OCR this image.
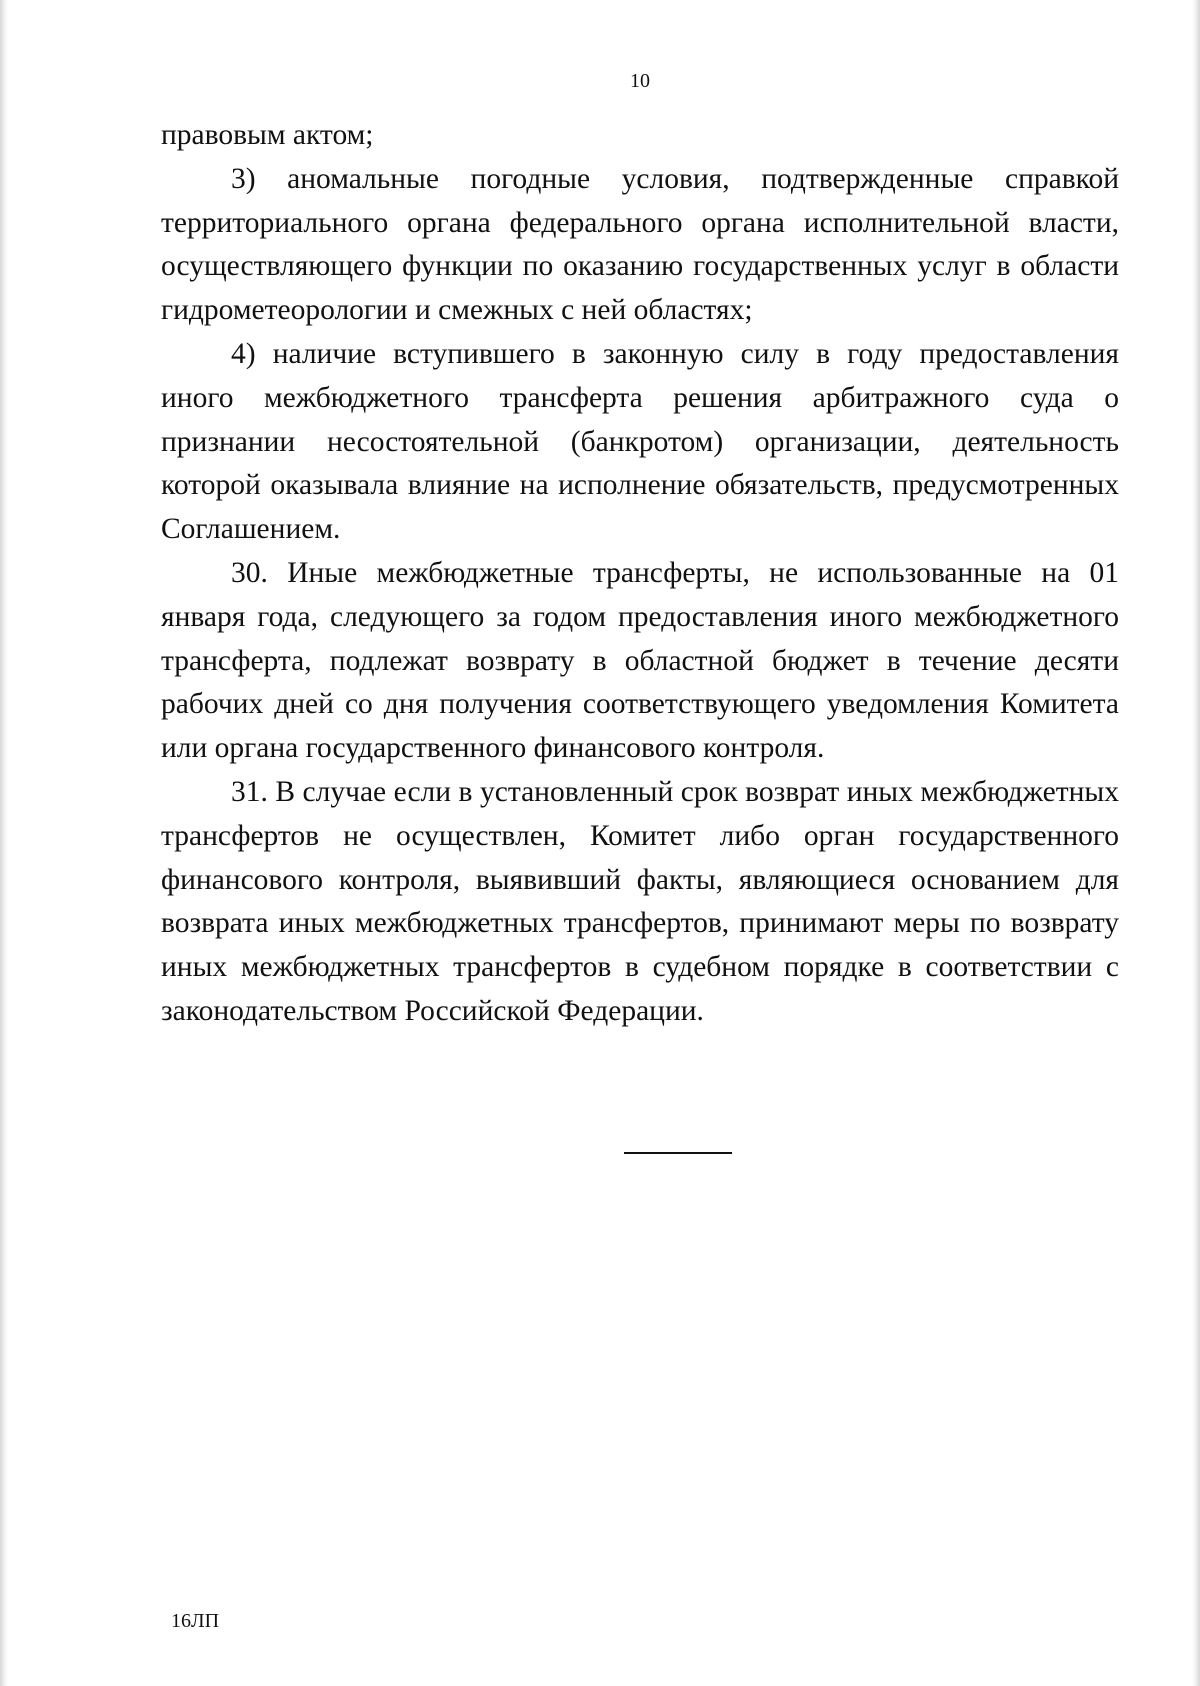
10

правовым актом;

3) аномальные погодные условия, подтвержденные справкой территориального органа федерального органа исполнительной власти, осуществляющего функции по оказанию государственных услуг в области гидрометеорологии и смежных с ней областях;

4) наличие вступившего в законную силу в году предоставления иного межбюджетного трансферта решения арбитражного суда о признании несостоятельной (банкротом) организации, деятельность которой оказывала влияние на исполнение обязательств, предусмотренных Соглашением.

30. Иные межбюджетные трансферты, не использованные на 01 января года, следующего за годом предоставления иного межбюджетного трансферта, подлежат возврату в областной бюджет в течение десяти рабочих дней со дня получения соответствующего уведомления Комитета или органа государственного финансового контроля.

31. В случае если в установленный срок возврат иных межбюджетных трансфертов не осуществлен, Комитет либо орган государственного финансового контроля, выявивший факты, являющиеся основанием для возврата иных межбюджетных трансфертов, принимают меры по возврату иных межбюджетных трансфертов в судебном порядке в соответствии с законодательством Российской Федерации.

16ЛП
